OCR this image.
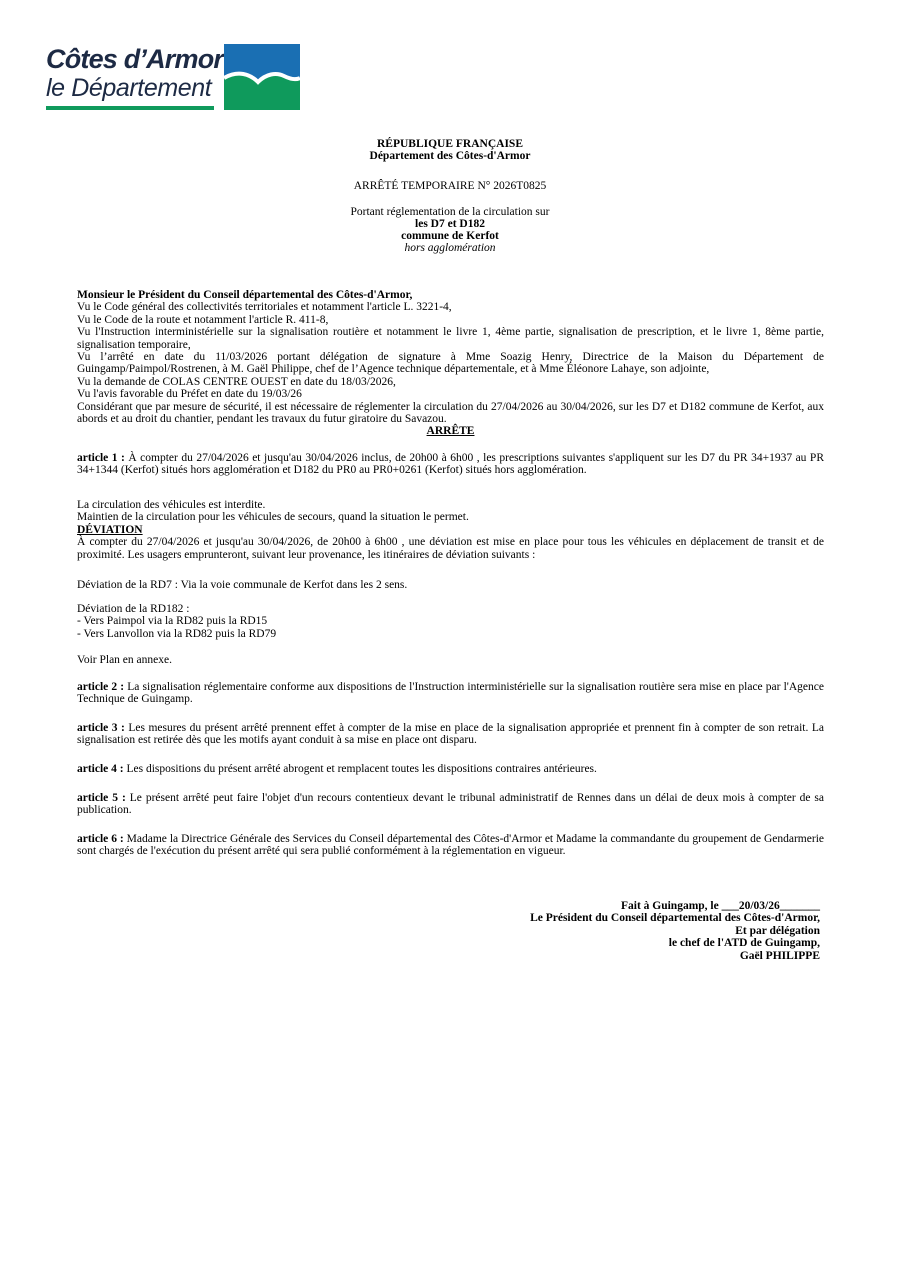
Côtes d’Armor
le Département
RÉPUBLIQUE FRANÇAISE
Département des Côtes-d'Armor
ARRÊTÉ TEMPORAIRE N° 2026T0825
Portant réglementation de la circulation sur
les D7 et D182
commune de Kerfot
hors agglomération

Monsieur le Président du Conseil départemental des Côtes-d'Armor,

Vu le Code général des collectivités territoriales et notamment l'article L. 3221-4,

Vu le Code de la route et notamment l'article R. 411-8,

Vu l'Instruction interministérielle sur la signalisation routière et notamment le livre 1, 4ème partie, signalisation de prescription, et le livre 1, 8ème partie, signalisation temporaire,

Vu l’arrêté en date du 11/03/2026 portant délégation de signature à Mme Soazig Henry, Directrice de la Maison du Département de Guingamp/Paimpol/Rostrenen, à M. Gaël Philippe, chef de l’Agence technique départementale, et à Mme Éléonore Lahaye, son adjointe,

Vu la demande de COLAS CENTRE OUEST en date du 18/03/2026,

Vu l'avis favorable du Préfet en date du 19/03/26

Considérant que par mesure de sécurité, il est nécessaire de réglementer la circulation du 27/04/2026 au 30/04/2026, sur les D7 et D182 commune de Kerfot, aux abords et au droit du chantier, pendant les travaux du futur giratoire du Savazou.

ARRÊTE

article 1 : À compter du 27/04/2026 et jusqu'au 30/04/2026 inclus, de 20h00 à 6h00 , les prescriptions suivantes s'appliquent sur les D7 du PR 34+1937 au PR 34+1344 (Kerfot) situés hors agglomération et D182 du PR0 au PR0+0261 (Kerfot) situés hors agglomération.

La circulation des véhicules est interdite.

Maintien de la circulation pour les véhicules de secours, quand la situation le permet.

DÉVIATION

À compter du 27/04/2026 et jusqu'au 30/04/2026, de 20h00 à 6h00 , une déviation est mise en place pour tous les véhicules en déplacement de transit et de proximité. Les usagers emprunteront, suivant leur provenance, les itinéraires de déviation suivants :

Déviation de la RD7 : Via la voie communale de Kerfot dans les 2 sens.

Déviation de la RD182 :

- Vers Paimpol via la RD82 puis la RD15

- Vers Lanvollon via la RD82 puis la RD79

Voir Plan en annexe.

article 2 : La signalisation réglementaire conforme aux dispositions de l'Instruction interministérielle sur la signalisation routière sera mise en place par l'Agence Technique de Guingamp.

article 3 : Les mesures du présent arrêté prennent effet à compter de la mise en place de la signalisation appropriée et prennent fin à compter de son retrait. La signalisation est retirée dès que les motifs ayant conduit à sa mise en place ont disparu.

article 4 : Les dispositions du présent arrêté abrogent et remplacent toutes les dispositions contraires antérieures.

article 5 : Le présent arrêté peut faire l'objet d'un recours contentieux devant le tribunal administratif de Rennes dans un délai de deux mois à compter de sa publication.

article 6 : Madame la Directrice Générale des Services du Conseil départemental des Côtes-d'Armor et Madame la commandante du groupement de Gendarmerie sont chargés de l'exécution du présent arrêté qui sera publié conformément à la réglementation en vigueur.

Fait à Guingamp, le ___20/03/26_______
Le Président du Conseil départemental des Côtes-d'Armor,
Et par délégation
le chef de l'ATD de Guingamp,
Gaël PHILIPPE
